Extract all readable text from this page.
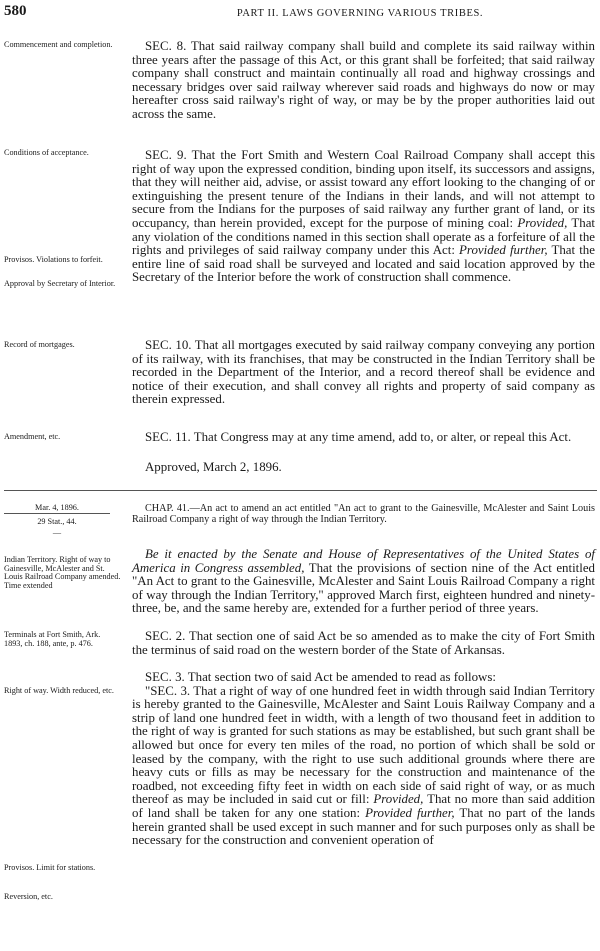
580	PART II. LAWS GOVERNING VARIOUS TRIBES.
Commencement and completion.	SEC. 8. That said railway company shall build and complete its said railway within three years after the passage of this Act, or this grant shall be forfeited; that said railway company shall construct and maintain continually all road and highway crossings and necessary bridges over said railway wherever said roads and highways do now or may hereafter cross said railway's right of way, or may be by the proper authorities laid out across the same.

Conditions of acceptance.
Provisos. Violations to forfeit.
Approval by Secretary of Interior.

SEC. 9. That the Fort Smith and Western Coal Railroad Company shall accept this right of way upon the expressed condition, binding upon itself, its successors and assigns, that they will neither aid, advise, or assist toward any effort looking to the changing of or extinguishing the present tenure of the Indians in their lands, and will not attempt to secure from the Indians for the purposes of said railway any further grant of land, or its occupancy, than herein provided, except for the purpose of mining coal: Provided, That any violation of the conditions named in this section shall operate as a forfeiture of all the rights and privileges of said railway company under this Act: Provided further, That the entire line of said road shall be surveyed and located and said location approved by the Secretary of the Interior before the work of construction shall commence.

Record of mortgages.	SEC. 10. That all mortgages executed by said railway company conveying any portion of its railway, with its franchises, that may be constructed in the Indian Territory shall be recorded in the Department of the Interior, and a record thereof shall be evidence and notice of their execution, and shall convey all rights and property of said company as therein expressed.

Amendment, etc.	SEC. 11. That Congress may at any time amend, add to, or alter, or repeal this Act.

Approved, March 2, 1896.
Mar. 4, 1896.
29 Stat., 44.
—
CHAP. 41.—An act to amend an act entitled "An act to grant to the Gainesville, McAlester and Saint Louis Railroad Company a right of way through the Indian Territory.
Indian Territory. Right of way to Gainesville, McAlester and St. Louis Railroad Company amended. Time extended

Be it enacted by the Senate and House of Representatives of the United States of America in Congress assembled, That the provisions of section nine of the Act entitled "An Act to grant to the Gainesville, McAlester and Saint Louis Railroad Company a right of way through the Indian Territory," approved March first, eighteen hundred and ninety-three, be, and the same hereby are, extended for a further period of three years.

Terminals at Fort Smith, Ark. 1893, ch. 188, ante, p. 476.

SEC. 2. That section one of said Act be so amended as to make the city of Fort Smith the terminus of said road on the western border of the State of Arkansas.

Right of way. Width reduced, etc.
Provisos. Limit for stations.
Reversion, etc.

SEC. 3. That section two of said Act be amended to read as follows:

"SEC. 3. That a right of way of one hundred feet in width through said Indian Territory is hereby granted to the Gainesville, McAlester and Saint Louis Railway Company and a strip of land one hundred feet in width, with a length of two thousand feet in addition to the right of way is granted for such stations as may be established, but such grant shall be allowed but once for every ten miles of the road, no portion of which shall be sold or leased by the company, with the right to use such additional grounds where there are heavy cuts or fills as may be necessary for the construction and maintenance of the roadbed, not exceeding fifty feet in width on each side of said right of way, or as much thereof as may be included in said cut or fill: Provided, That no more than said addition of land shall be taken for any one station: Provided further, That no part of the lands herein granted shall be used except in such manner and for such purposes only as shall be necessary for the construction and convenient operation of
